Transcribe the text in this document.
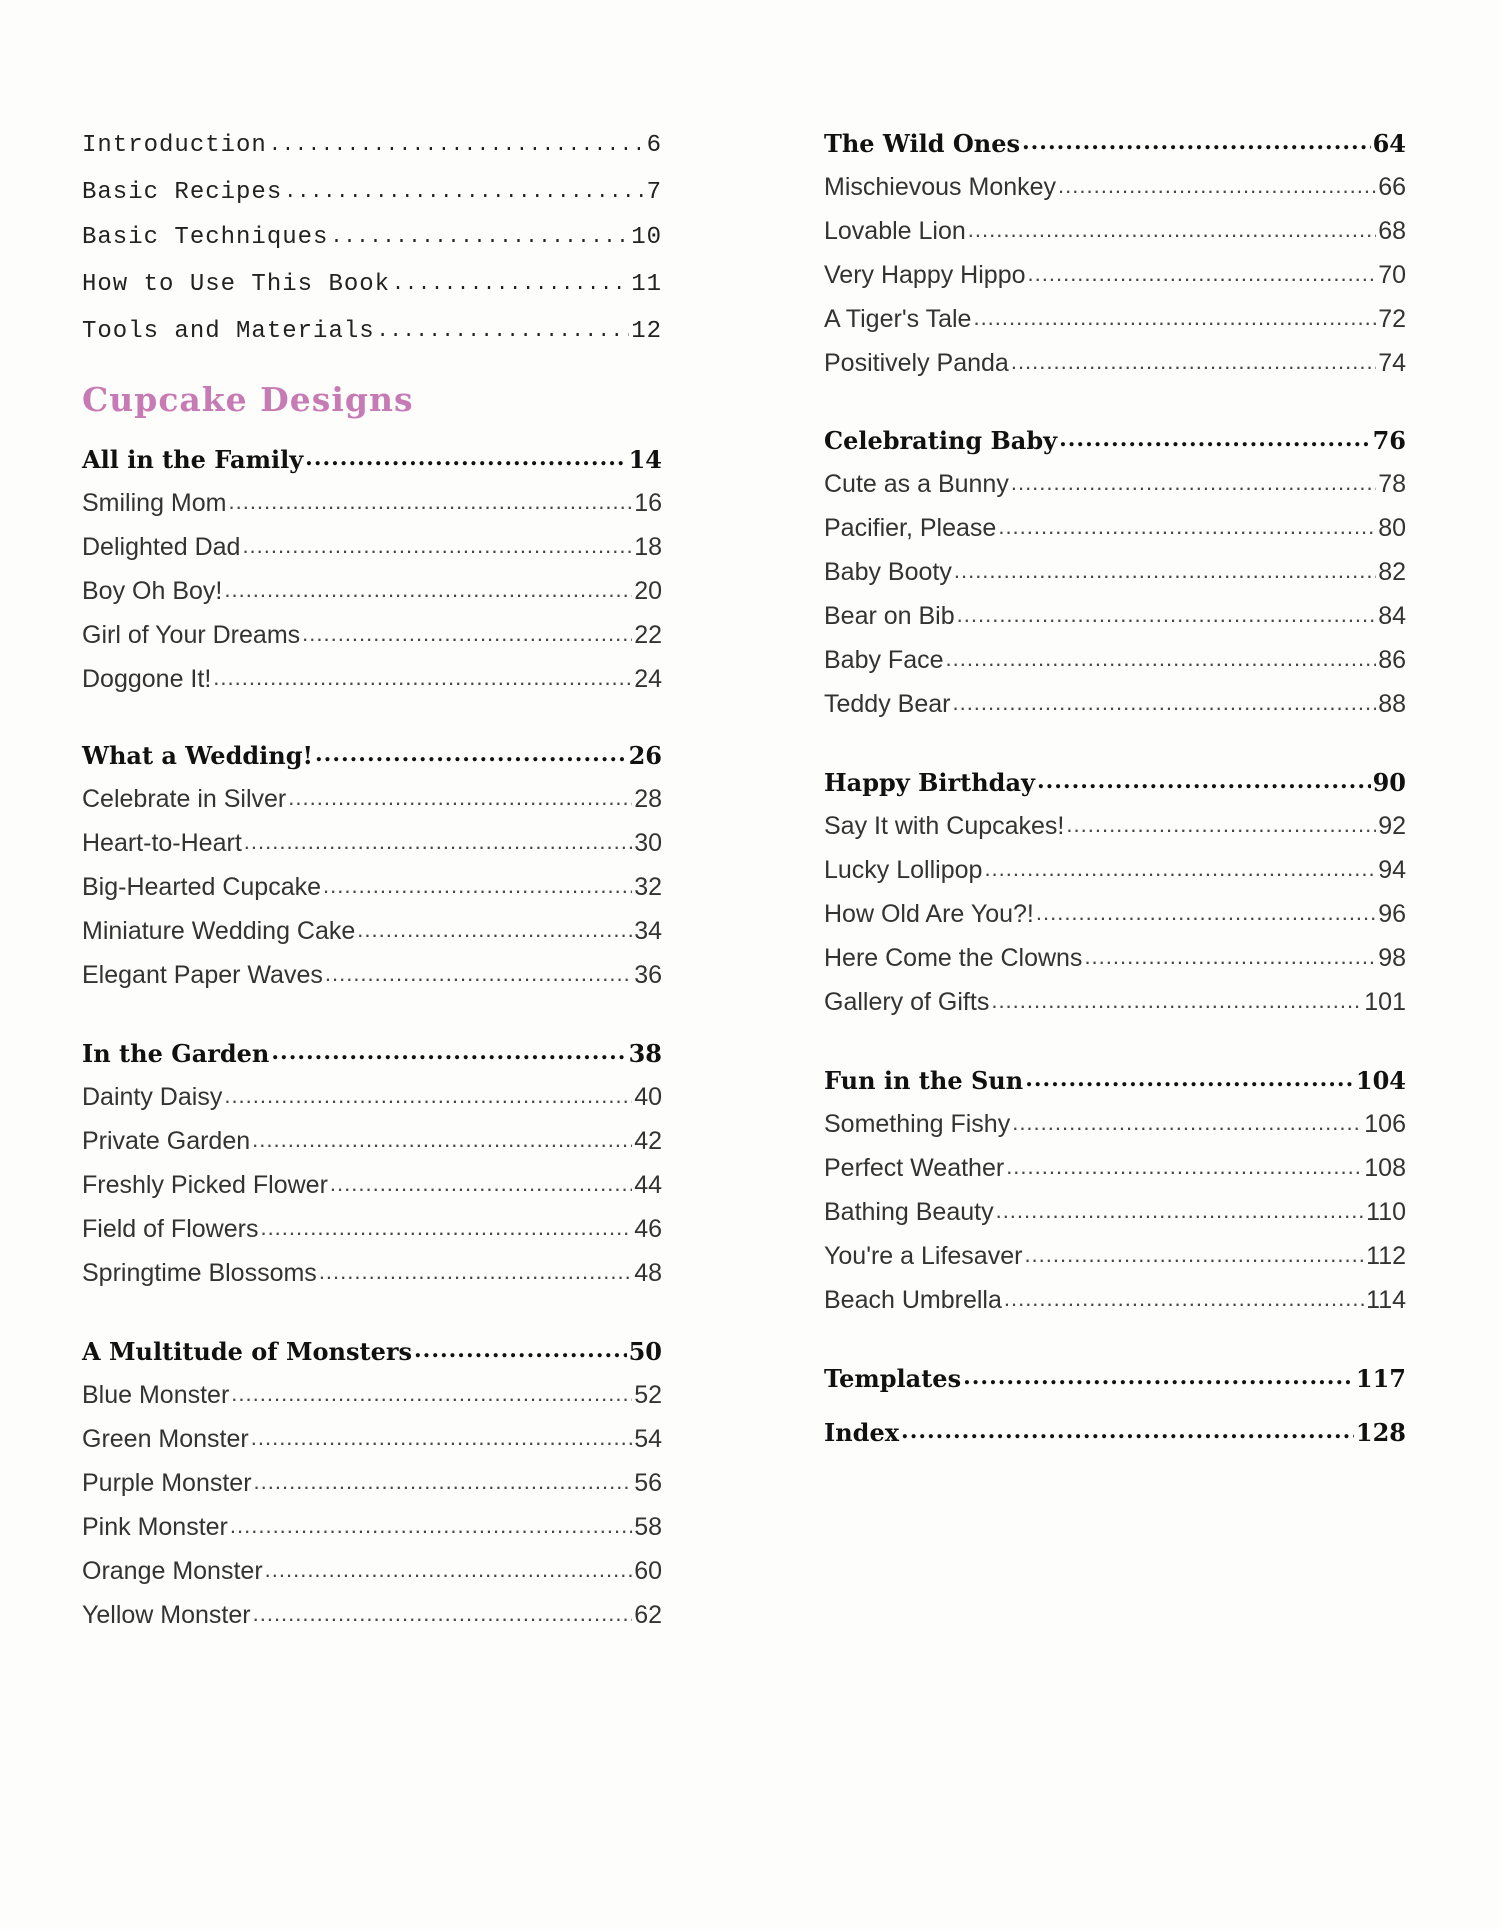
Cupcake Designs
Introduction .....	6
Basic Recipes .....	7
Basic Techniques .....	10
How to Use This Book .....	11
Tools and Materials .....	12
All in the Family .....	14
Smiling Mom .....	16
Delighted Dad .....	18
Boy Oh Boy! .....	20
Girl of Your Dreams .....	22
Doggone It! .....	24
What a Wedding! .....	26
Celebrate in Silver .....	28
Heart-to-Heart .....	30
Big-Hearted Cupcake .....	32
Miniature Wedding Cake .....	34
Elegant Paper Waves .....	36
In the Garden .....	38
Dainty Daisy .....	40
Private Garden .....	42
Freshly Picked Flower .....	44
Field of Flowers .....	46
Springtime Blossoms .....	48
A Multitude of Monsters .....	50
Blue Monster .....	52
Green Monster .....	54
Purple Monster .....	56
Pink Monster .....	58
Orange Monster .....	60
Yellow Monster .....	62
The Wild Ones .....	64
Mischievous Monkey .....	66
Lovable Lion .....	68
Very Happy Hippo .....	70
A Tiger's Tale .....	72
Positively Panda .....	74
Celebrating Baby .....	76
Cute as a Bunny .....	78
Pacifier, Please .....	80
Baby Booty .....	82
Bear on Bib .....	84
Baby Face .....	86
Teddy Bear .....	88
Happy Birthday .....	90
Say It with Cupcakes! .....	92
Lucky Lollipop .....	94
How Old Are You?! .....	96
Here Come the Clowns .....	98
Gallery of Gifts .....	101
Fun in the Sun .....	104
Something Fishy .....	106
Perfect Weather .....	108
Bathing Beauty .....	110
You're a Lifesaver .....	112
Beach Umbrella .....	114
Templates .....	117
Index .....	128
